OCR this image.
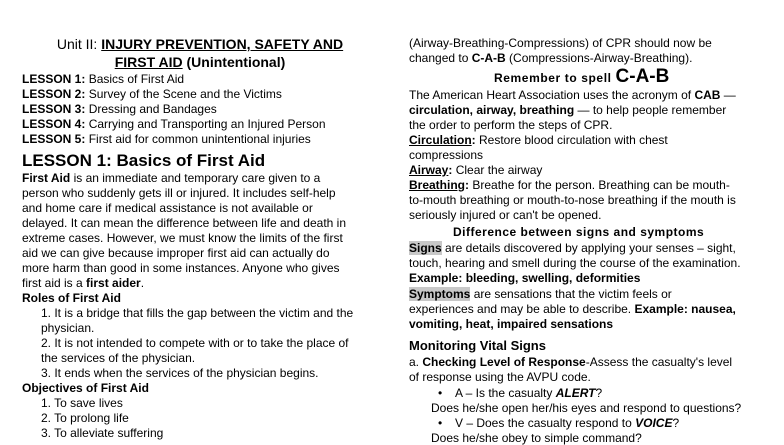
Unit II: INJURY PREVENTION, SAFETY AND
FIRST AID (Unintentional)
LESSON 1: Basics of First Aid
LESSON 2: Survey of the Scene and the Victims
LESSON 3: Dressing and Bandages
LESSON 4: Carrying and Transporting an Injured Person
LESSON 5: First aid for common unintentional injuries
LESSON 1: Basics of First Aid
First Aid is an immediate and temporary care given to a
person who suddenly gets ill or injured. It includes self-help
and home care if medical assistance is not available or
delayed. It can mean the difference between life and death in
extreme cases. However, we must know the limits of the first
aid we can give because improper first aid can actually do
more harm than good in some instances. Anyone who gives
first aid is a first aider.
Roles of First Aid
1. It is a bridge that fills the gap between the victim and the
physician.
2. It is not intended to compete with or to take the place of
the services of the physician.
3. It ends when the services of the physician begins.
Objectives of First Aid
1. To save lives
2. To prolong life
3. To alleviate suffering
(Airway-Breathing-Compressions) of CPR should now be
changed to C-A-B (Compressions-Airway-Breathing).
Remember to spell C-A-B
The American Heart Association uses the acronym of CAB —
circulation, airway, breathing — to help people remember
the order to perform the steps of CPR.
Circulation: Restore blood circulation with chest
compressions
Airway: Clear the airway
Breathing: Breathe for the person. Breathing can be mouth-
to-mouth breathing or mouth-to-nose breathing if the mouth is
seriously injured or can't be opened.
Difference between signs and symptoms
Signs are details discovered by applying your senses – sight,
touch, hearing and smell during the course of the examination.
Example: bleeding, swelling, deformities
Symptoms are sensations that the victim feels or
experiences and may be able to describe. Example: nausea,
vomiting, heat, impaired sensations
Monitoring Vital Signs
a. Checking Level of Response-Assess the casualty's level
of response using the AVPU code.
• A – Is the casualty ALERT?
Does he/she open her/his eyes and respond to questions?
• V – Does the casualty respond to VOICE?
Does he/she obey to simple command?
